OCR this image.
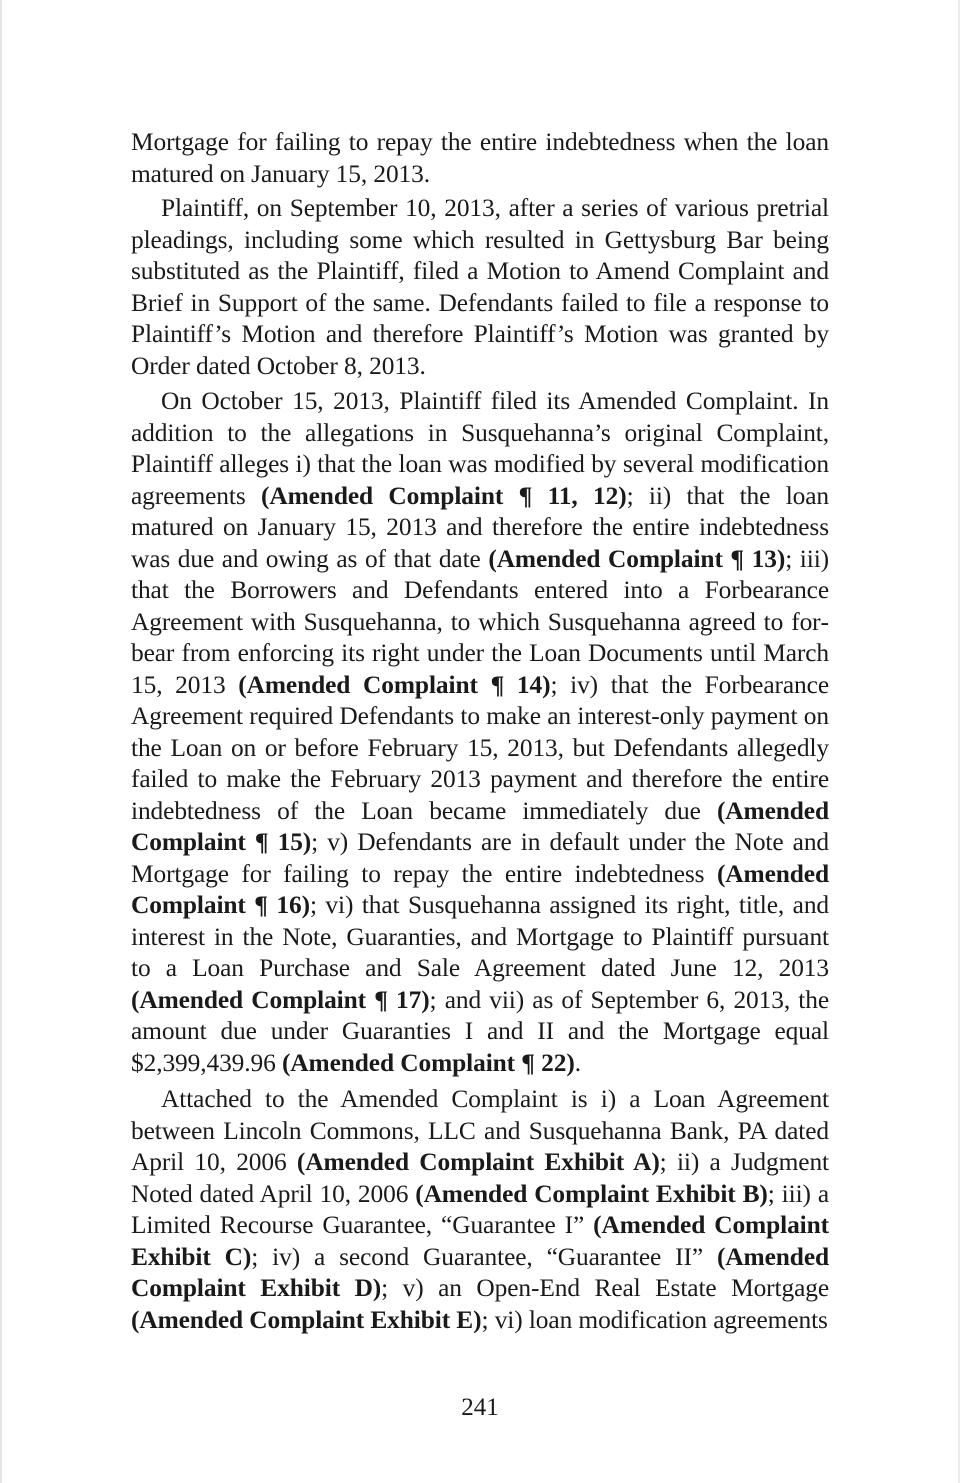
Mortgage for failing to repay the entire indebtedness when the loan matured on January 15, 2013.

Plaintiff, on September 10, 2013, after a series of various pretrial pleadings, including some which resulted in Gettysburg Bar being substituted as the Plaintiff, filed a Motion to Amend Complaint and Brief in Support of the same. Defendants failed to file a response to Plaintiff’s Motion and therefore Plaintiff’s Motion was granted by Order dated October 8, 2013.

On October 15, 2013, Plaintiff filed its Amended Complaint. In addition to the allegations in Susquehanna’s original Complaint, Plaintiff alleges i) that the loan was modified by several modification agreements (Amended Complaint ¶ 11, 12); ii) that the loan matured on January 15, 2013 and therefore the entire indebtedness was due and owing as of that date (Amended Complaint ¶ 13); iii) that the Borrowers and Defendants entered into a Forbearance Agreement with Susquehanna, to which Susquehanna agreed to forbear from enforcing its right under the Loan Documents until March 15, 2013 (Amended Complaint ¶ 14); iv) that the Forbearance Agreement required Defendants to make an interest-only payment on the Loan on or before February 15, 2013, but Defendants allegedly failed to make the February 2013 payment and therefore the entire indebtedness of the Loan became immediately due (Amended Complaint ¶ 15); v) Defendants are in default under the Note and Mortgage for failing to repay the entire indebtedness (Amended Complaint ¶ 16); vi) that Susquehanna assigned its right, title, and interest in the Note, Guaranties, and Mortgage to Plaintiff pursuant to a Loan Purchase and Sale Agreement dated June 12, 2013 (Amended Complaint ¶ 17); and vii) as of September 6, 2013, the amount due under Guaranties I and II and the Mortgage equal $2,399,439.96 (Amended Complaint ¶ 22).

Attached to the Amended Complaint is i) a Loan Agreement between Lincoln Commons, LLC and Susquehanna Bank, PA dated April 10, 2006 (Amended Complaint Exhibit A); ii) a Judgment Noted dated April 10, 2006 (Amended Complaint Exhibit B); iii) a Limited Recourse Guarantee, “Guarantee I” (Amended Complaint Exhibit C); iv) a second Guarantee, “Guarantee II” (Amended Complaint Exhibit D); v) an Open-End Real Estate Mortgage (Amended Complaint Exhibit E); vi) loan modification agreements

241
